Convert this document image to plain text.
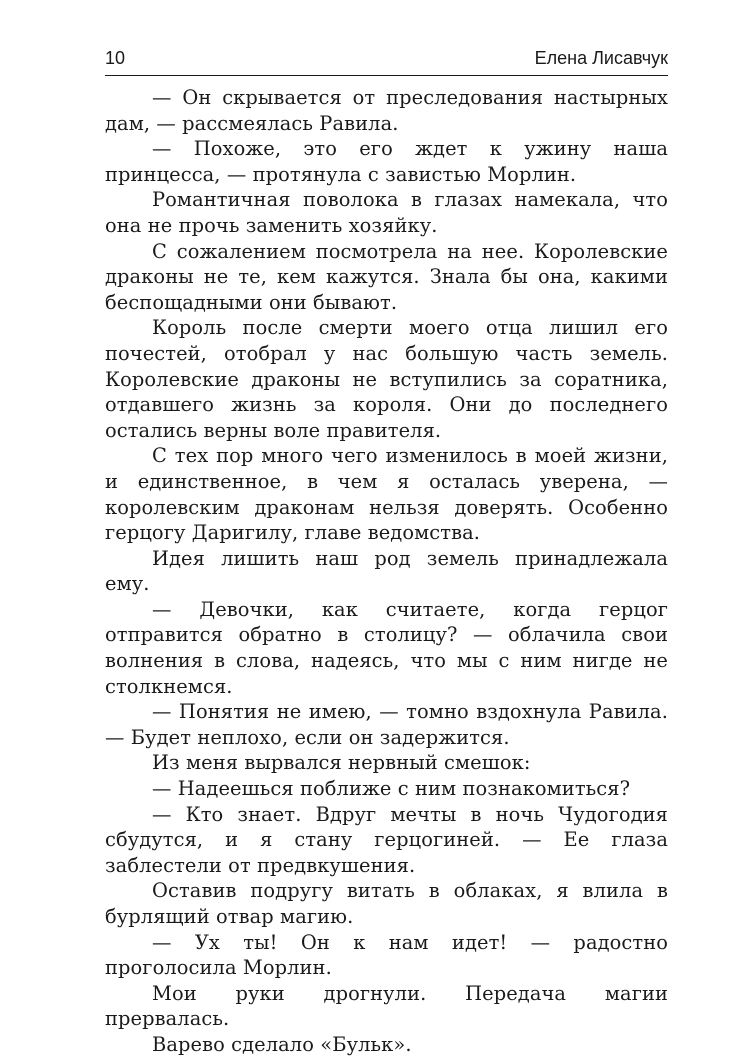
10	Елена Лисавчук

— Он скрывается от преследования настырных дам, — рассмеялась Равила.

— Похоже, это его ждет к ужину наша принцесса, — протянула с завистью Морлин.

Романтичная поволока в глазах намекала, что она не прочь заменить хозяйку.

С сожалением посмотрела на нее. Королевские драконы не те, кем кажутся. Знала бы она, какими беспощадными они бывают.

Король после смерти моего отца лишил его почестей, отобрал у нас большую часть земель. Королевские драконы не вступились за соратника, отдавшего жизнь за короля. Они до последнего остались верны воле правителя.

С тех пор много чего изменилось в моей жизни, и единственное, в чем я осталась уверена, — королевским драконам нельзя доверять. Особенно герцогу Даригилу, главе ведомства.

Идея лишить наш род земель принадлежала ему.

— Девочки, как считаете, когда герцог отправится обратно в столицу? — облачила свои волнения в слова, надеясь, что мы с ним нигде не столкнемся.

— Понятия не имею, — томно вздохнула Равила. — Будет неплохо, если он задержится.

Из меня вырвался нервный смешок:

— Надеешься поближе с ним познакомиться?

— Кто знает. Вдруг мечты в ночь Чудогодия сбудутся, и я стану герцогиней. — Ее глаза заблестели от предвкушения.

Оставив подругу витать в облаках, я влила в бурлящий отвар магию.

— Ух ты! Он к нам идет! — радостно проголосила Морлин.

Мои руки дрогнули. Передача магии прервалась.

Варево сделало «Бульк».
